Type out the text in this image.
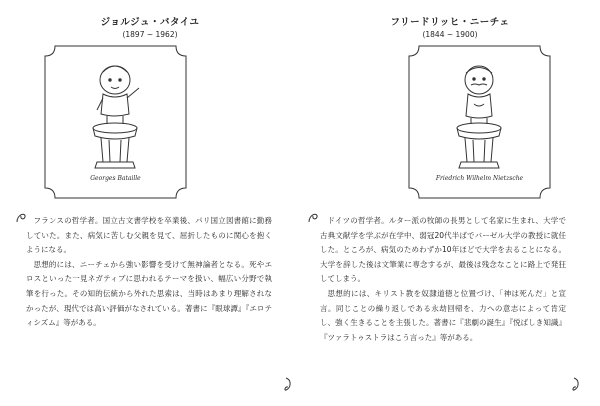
ジョルジュ・バタイユ
(1897 ~ 1962)
Georges Bataille

フランスの哲学者。国立古文書学校を卒業後、パリ国立図書館に勤務していた。また、病気に苦しむ父親を見て、屈折したものに関心を抱くようになる。

思想的には、ニーチェから強い影響を受けて無神論者となる。死やエロスといった一見ネガティブに思われるテーマを扱い、幅広い分野で執筆を行った。その知的伝統から外れた思索は、当時はあまり理解されなかったが、現代では高い評価がなされている。著書に『眼球譚』『エロティシズム』等がある。

フリードリッヒ・ニーチェ
(1844 ~ 1900)
Friedrich Wilhelm Nietzsche

ドイツの哲学者。ルター派の牧師の長男として名家に生まれ、大学で古典文献学を学ぶが在学中、弱冠20代半ばでバーゼル大学の教授に就任した。ところが、病気のためわずか10年ほどで大学を去ることになる。大学を辞した後は文筆業に専念するが、最後は残念なことに路上で発狂してしまう。

思想的には、キリスト教を奴隷道徳と位置づけ、「神は死んだ」と宣言。同じことの繰り返しである永劫回帰を、力への意志によって肯定し、強く生きることを主張した。著書に『悲劇の誕生』『悦ばしき知識』『ツァラトゥストラはこう言った』等がある。
